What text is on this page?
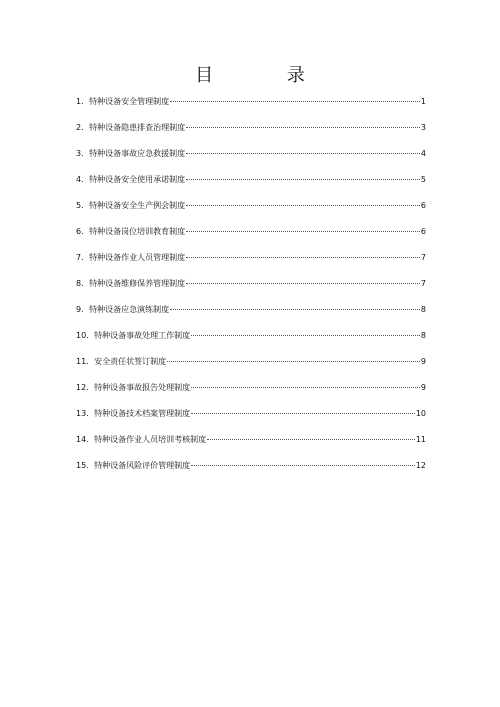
目 录
1．特种设备安全管理制度	1
2．特种设备隐患排查治理制度	3
3．特种设备事故应急救援制度	4
4．特种设备安全使用承诺制度	5
5．特种设备安全生产例会制度	6
6．特种设备岗位培训教育制度	6
7．特种设备作业人员管理制度	7
8．特种设备维修保养管理制度	7
9．特种设备应急演练制度	8
10．特种设备事故处理工作制度	8
11．安全责任状签订制度	9
12．特种设备事故报告处理制度	9
13．特种设备技术档案管理制度	10
14．特种设备作业人员培训考核制度	11
15．特种设备风险评价管理制度	12
